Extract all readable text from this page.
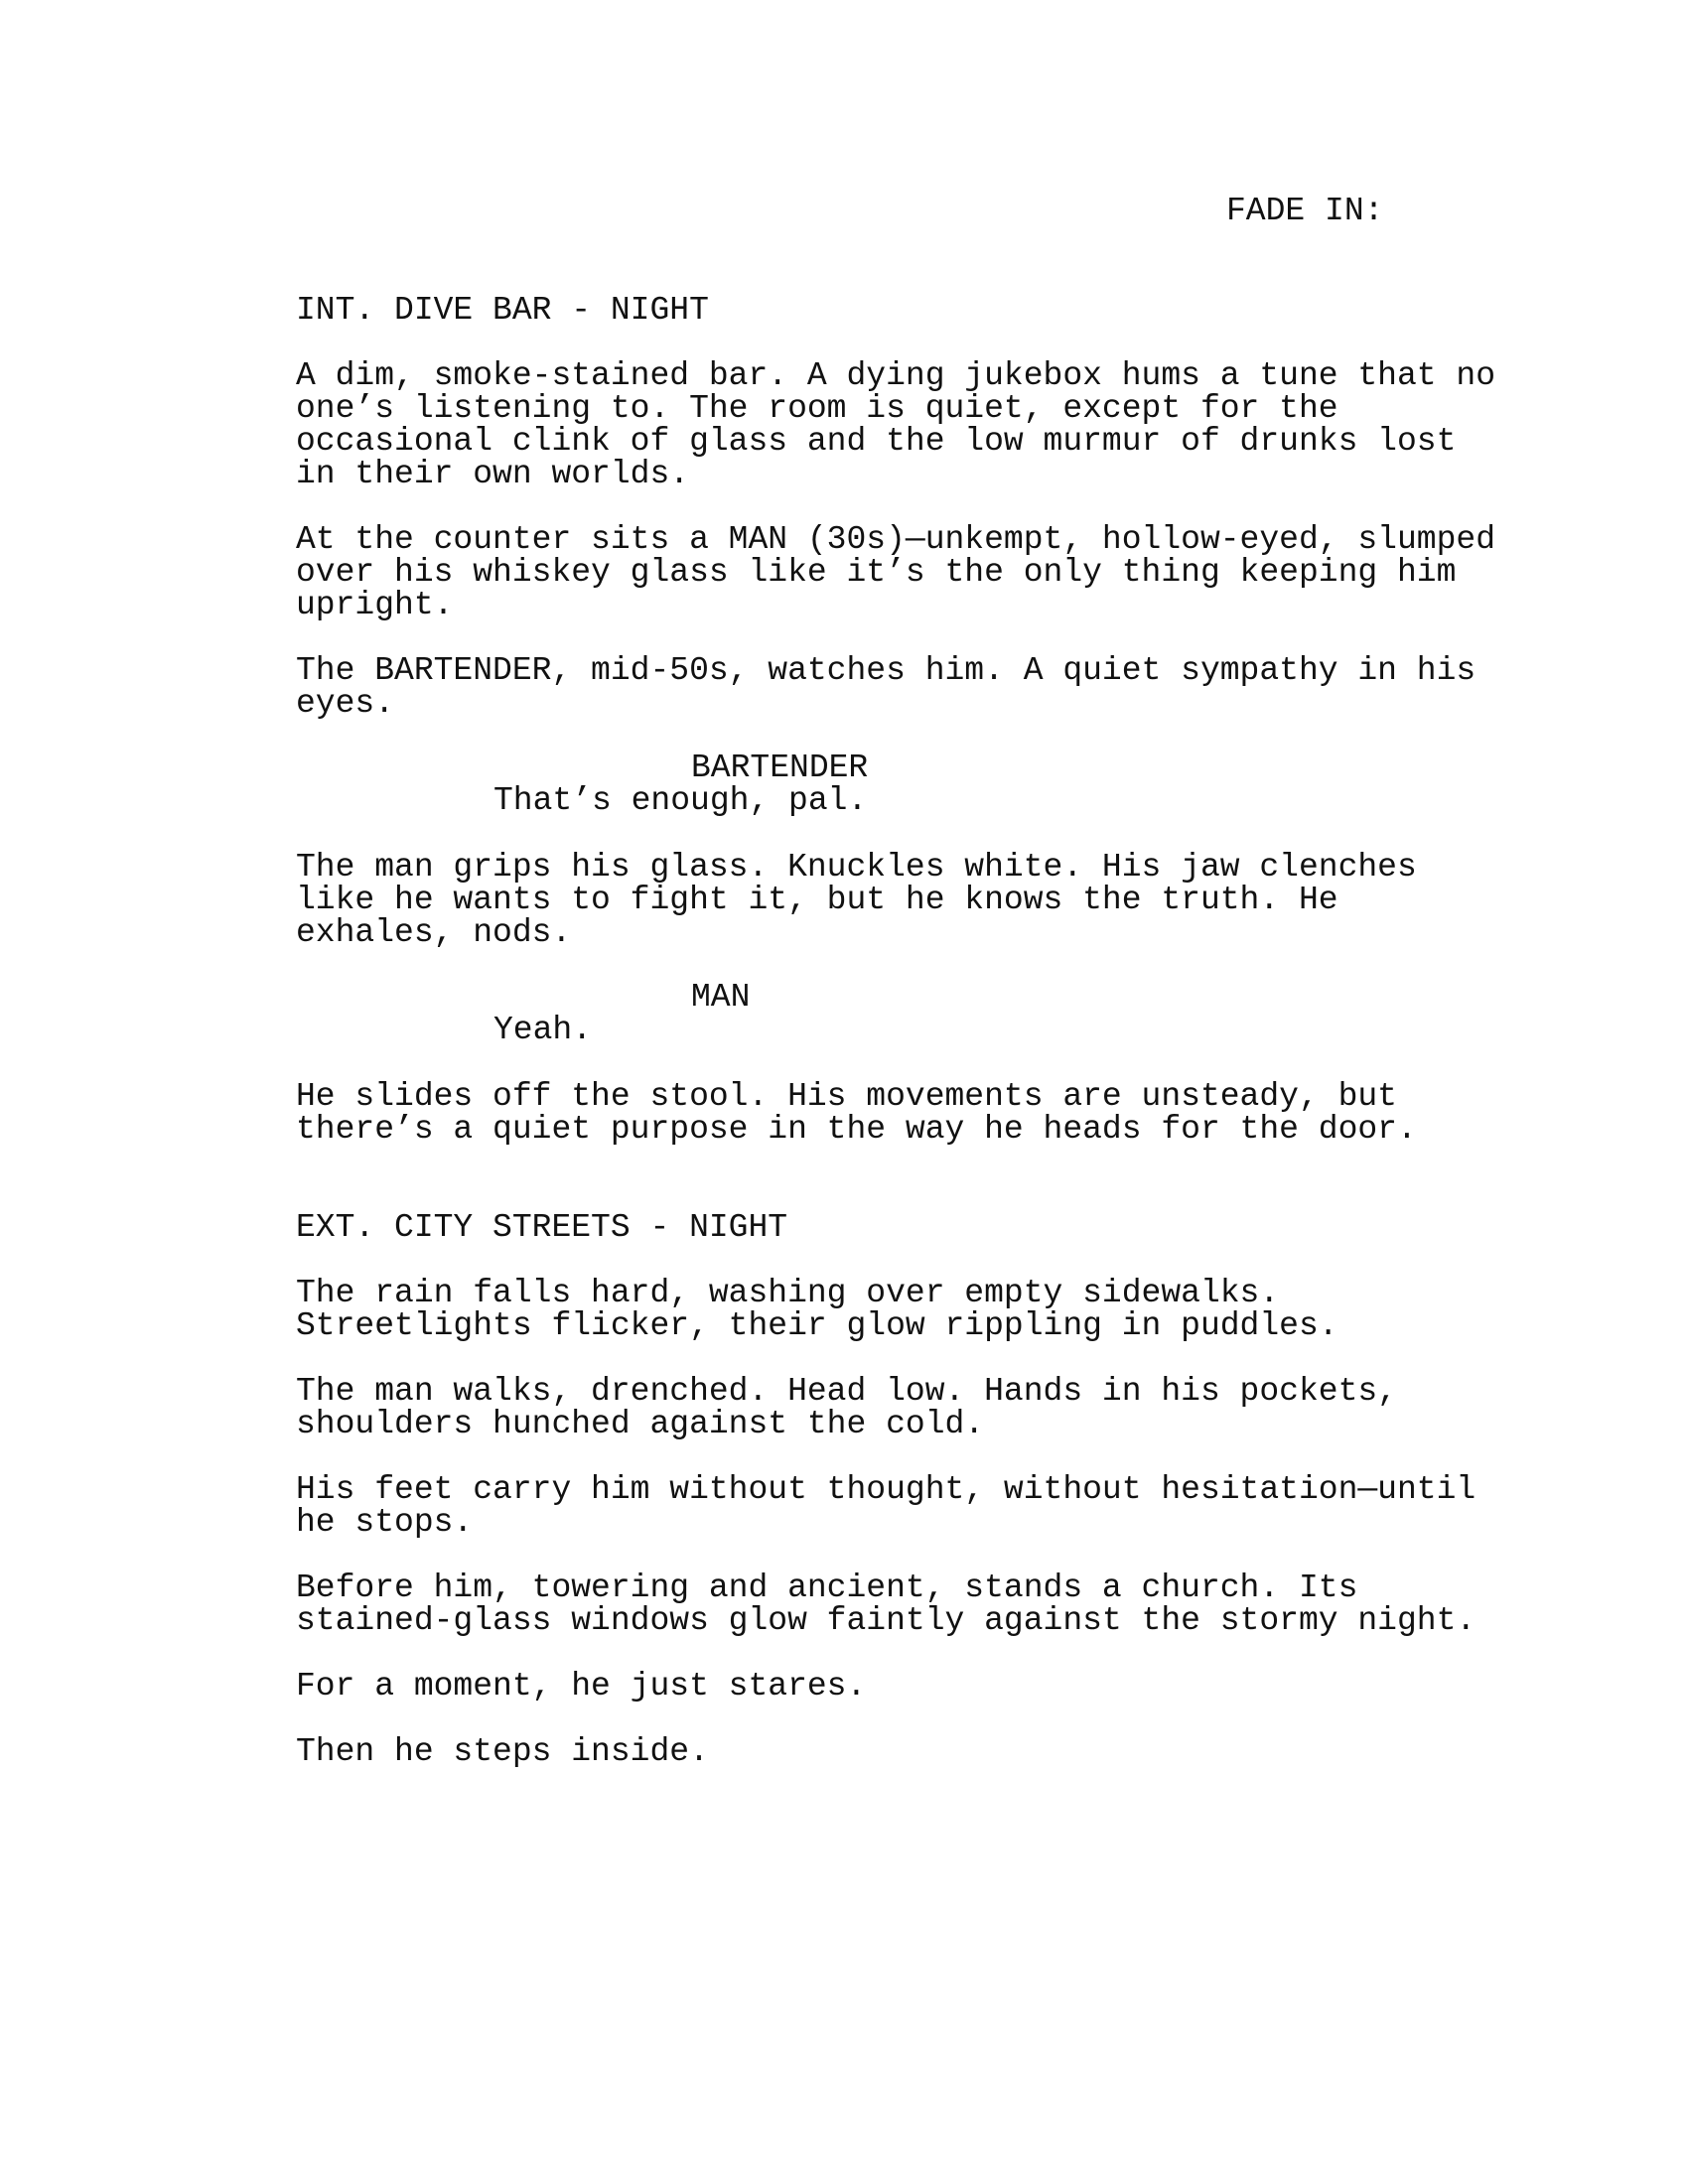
FADE IN:
INT. DIVE BAR - NIGHT

A dim, smoke-stained bar. A dying jukebox hums a tune that no
one’s listening to. The room is quiet, except for the
occasional clink of glass and the low murmur of drunks lost
in their own worlds.

At the counter sits a MAN (30s)—unkempt, hollow-eyed, slumped
over his whiskey glass like it’s the only thing keeping him
upright.

The BARTENDER, mid-50s, watches him. A quiet sympathy in his
eyes.

BARTENDER
That’s enough, pal.

The man grips his glass. Knuckles white. His jaw clenches
like he wants to fight it, but he knows the truth. He
exhales, nods.

MAN
Yeah.

He slides off the stool. His movements are unsteady, but
there’s a quiet purpose in the way he heads for the door.

EXT. CITY STREETS - NIGHT

The rain falls hard, washing over empty sidewalks.
Streetlights flicker, their glow rippling in puddles.

The man walks, drenched. Head low. Hands in his pockets,
shoulders hunched against the cold.

His feet carry him without thought, without hesitation—until
he stops.

Before him, towering and ancient, stands a church. Its
stained-glass windows glow faintly against the stormy night.

For a moment, he just stares.

Then he steps inside.
